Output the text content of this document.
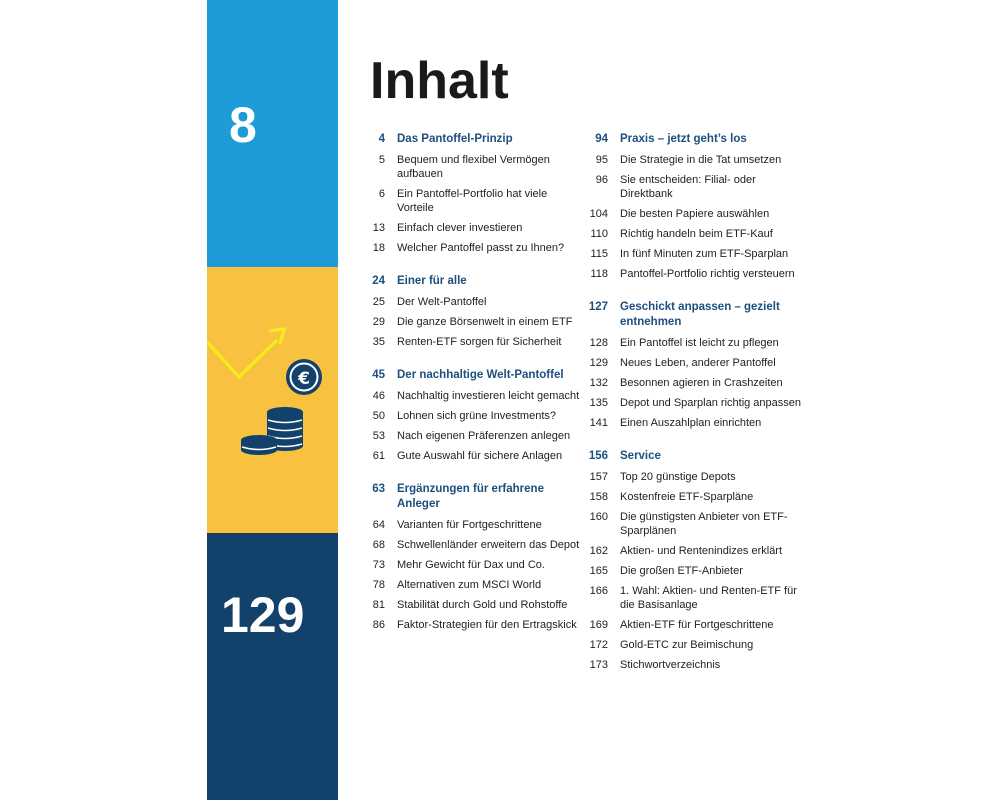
8
129
€
Inhalt
4 Das Pantoffel-Prinzip
5 Bequem und flexibel Vermögen aufbauen
6 Ein Pantoffel-Portfolio hat viele Vorteile
13 Einfach clever investieren
18 Welcher Pantoffel passt zu Ihnen?
24 Einer für alle
25 Der Welt-Pantoffel
29 Die ganze Börsenwelt in einem ETF
35 Renten-ETF sorgen für Sicherheit
45 Der nachhaltige Welt-Pantoffel
46 Nachhaltig investieren leicht gemacht
50 Lohnen sich grüne Investments?
53 Nach eigenen Präferenzen anlegen
61 Gute Auswahl für sichere Anlagen
63 Ergänzungen für erfahrene Anleger
64 Varianten für Fortgeschrittene
68 Schwellenländer erweitern das Depot
73 Mehr Gewicht für Dax und Co.
78 Alternativen zum MSCI World
81 Stabilität durch Gold und Rohstoffe
86 Faktor-Strategien für den Ertragskick
94 Praxis – jetzt geht’s los
95 Die Strategie in die Tat umsetzen
96 Sie entscheiden: Filial- oder Direktbank
104 Die besten Papiere auswählen
110 Richtig handeln beim ETF-Kauf
115 In fünf Minuten zum ETF-Sparplan
118 Pantoffel-Portfolio richtig versteuern
127 Geschickt anpassen – gezielt entnehmen
128 Ein Pantoffel ist leicht zu pflegen
129 Neues Leben, anderer Pantoffel
132 Besonnen agieren in Crashzeiten
135 Depot und Sparplan richtig anpassen
141 Einen Auszahlplan einrichten
156 Service
157 Top 20 günstige Depots
158 Kostenfreie ETF-Sparpläne
160 Die günstigsten Anbieter von ETF-Sparplänen
162 Aktien- und Rentenindizes erklärt
165 Die großen ETF-Anbieter
166 1. Wahl: Aktien- und Renten-ETF für die Basisanlage
169 Aktien-ETF für Fortgeschrittene
172 Gold-ETC zur Beimischung
173 Stichwortverzeichnis
